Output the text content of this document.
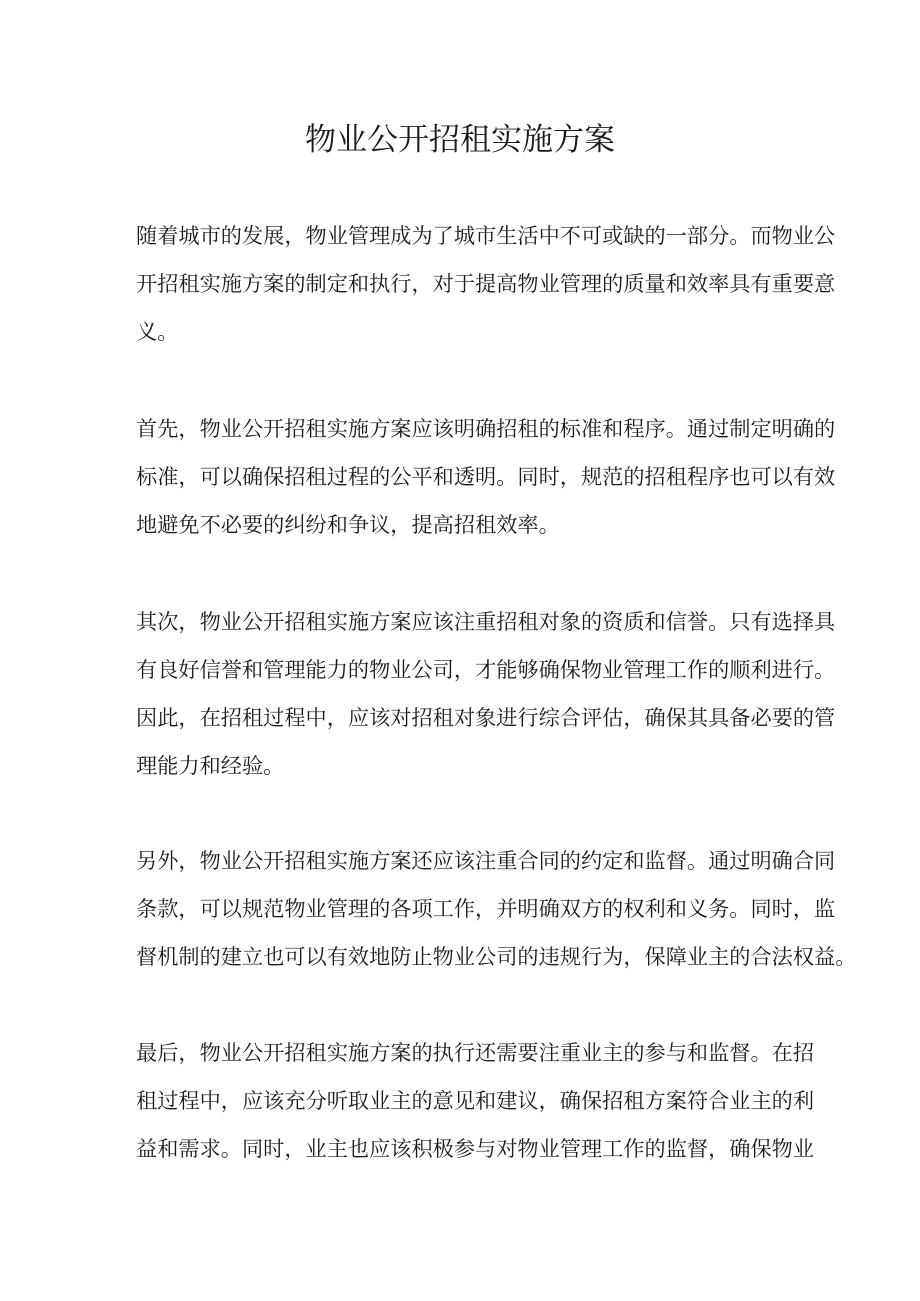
物业公开招租实施方案
随着城市的发展，物业管理成为了城市生活中不可或缺的一部分。而物业公
开招租实施方案的制定和执行，对于提高物业管理的质量和效率具有重要意
义。
首先，物业公开招租实施方案应该明确招租的标准和程序。通过制定明确的
标准，可以确保招租过程的公平和透明。同时，规范的招租程序也可以有效
地避免不必要的纠纷和争议，提高招租效率。
其次，物业公开招租实施方案应该注重招租对象的资质和信誉。只有选择具
有良好信誉和管理能力的物业公司，才能够确保物业管理工作的顺利进行。
因此，在招租过程中，应该对招租对象进行综合评估，确保其具备必要的管
理能力和经验。
另外，物业公开招租实施方案还应该注重合同的约定和监督。通过明确合同
条款，可以规范物业管理的各项工作，并明确双方的权利和义务。同时，监
督机制的建立也可以有效地防止物业公司的违规行为，保障业主的合法权益。
最后，物业公开招租实施方案的执行还需要注重业主的参与和监督。在招
租过程中，应该充分听取业主的意见和建议，确保招租方案符合业主的利
益和需求。同时，业主也应该积极参与对物业管理工作的监督，确保物业
